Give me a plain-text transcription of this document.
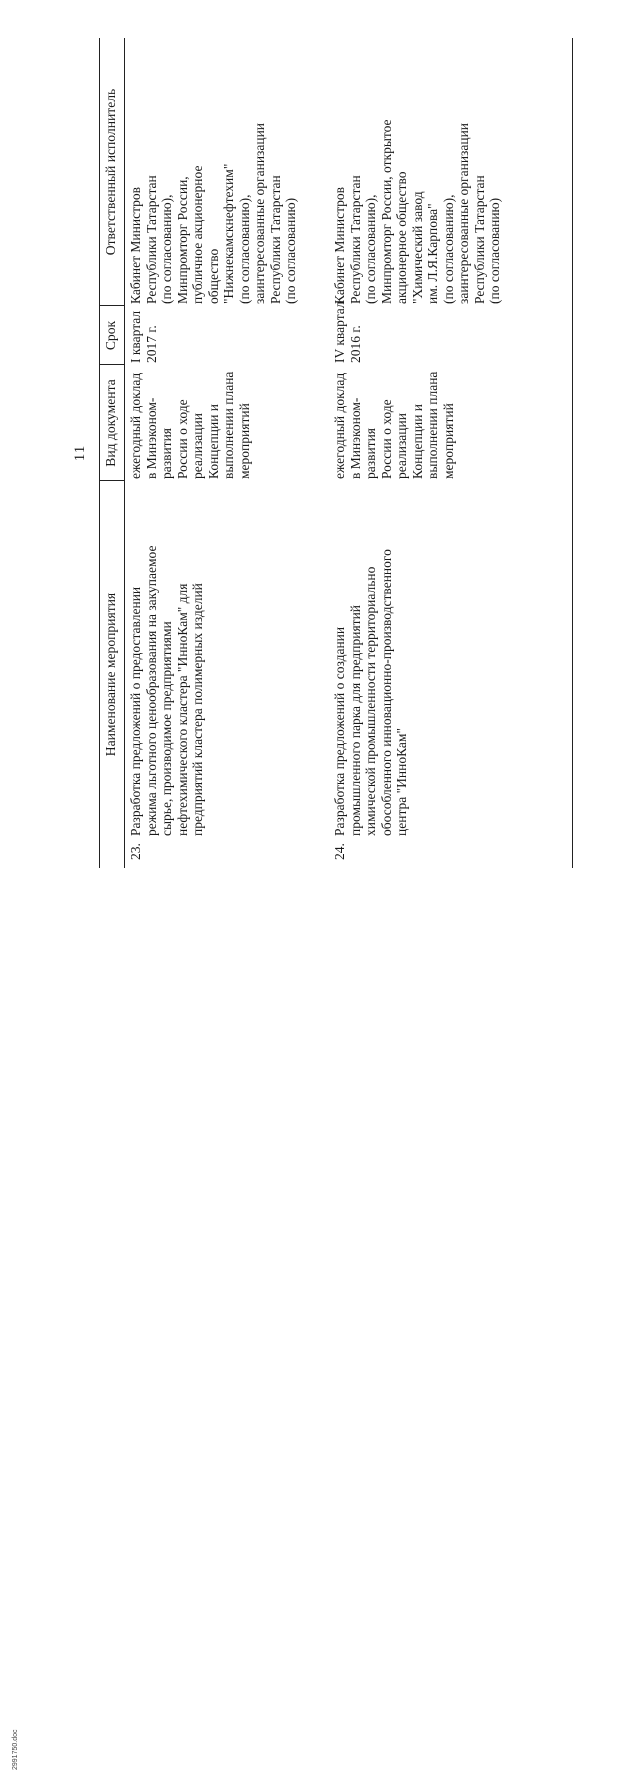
11
Наименование мероприятия
Вид документа
Срок
Ответственный исполнитель
23.
Разработка предложений о предоставлении
режима льготного ценообразования на закупаемое
сырье, производимое предприятиями
нефтехимического кластера "ИнноКам" для
предприятий кластера полимерных изделий
ежегодный доклад
в Минэконом-
развития
России о ходе
реализации
Концепции и
выполнении плана
мероприятий
I квартал
2017 г.
Кабинет Министров
Республики Татарстан
(по согласованию),
Минпромторг России,
публичное акционерное
общество
"Нижнекамскнефтехим"
(по согласованию),
заинтересованные организации
Республики Татарстан
(по согласованию)
24.
Разработка предложений о создании
промышленного парка для предприятий
химической промышленности территориально
обособленного инновационно-производственного
центра "ИнноКам"
ежегодный доклад
в Минэконом-
развития
России о ходе
реализации
Концепции и
выполнении плана
мероприятий
IV квартал
2016 г.
Кабинет Министров
Республики Татарстан
(по согласованию),
Минпромторг России, открытое
акционерное общество
"Химический завод
им. Л.Я.Карпова"
(по согласованию),
заинтересованные организации
Республики Татарстан
(по согласованию)
2991750.doc
